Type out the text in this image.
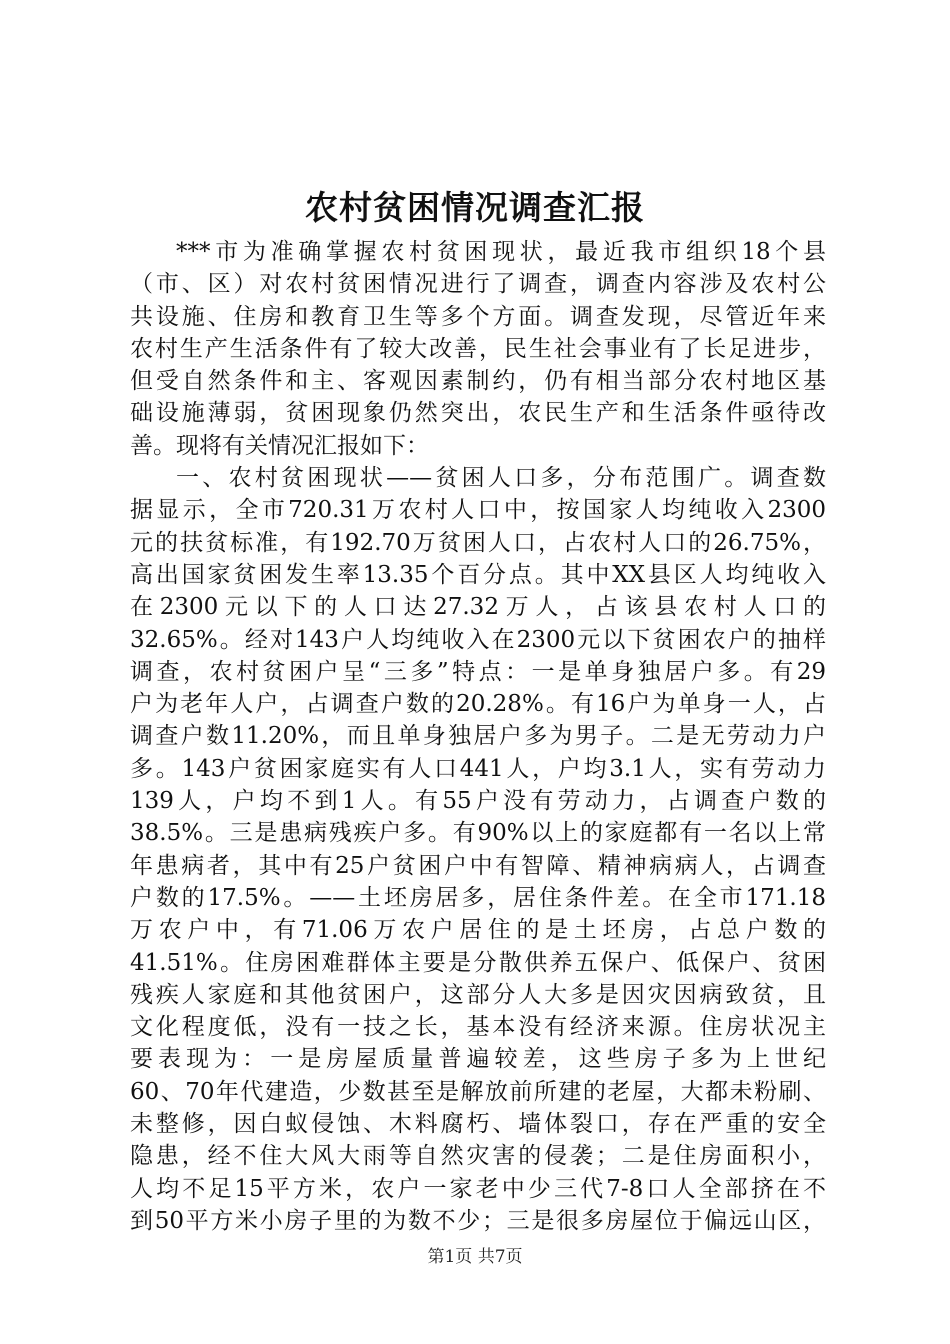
农村贫困情况调查汇报
***市为准确掌握农村贫困现状，最近我市组织18个县
（市、区）对农村贫困情况进行了调查，调查内容涉及农村公
共设施、住房和教育卫生等多个方面。调查发现，尽管近年来
农村生产生活条件有了较大改善，民生社会事业有了长足进步，
但受自然条件和主、客观因素制约，仍有相当部分农村地区基
础设施薄弱，贫困现象仍然突出，农民生产和生活条件亟待改
善。现将有关情况汇报如下：
一、农村贫困现状——贫困人口多，分布范围广。调查数
据显示，全市720.31万农村人口中，按国家人均纯收入2300
元的扶贫标准，有192.70万贫困人口，占农村人口的26.75%，
高出国家贫困发生率13.35个百分点。其中XX县区人均纯收入
在2300元以下的人口达27.32万人，占该县农村人口的
32.65%。经对143户人均纯收入在2300元以下贫困农户的抽样
调查，农村贫困户呈“三多”特点：一是单身独居户多。有29
户为老年人户，占调查户数的20.28%。有16户为单身一人，占
调查户数11.20%，而且单身独居户多为男子。二是无劳动力户
多。143户贫困家庭实有人口441人，户均3.1人，实有劳动力
139人，户均不到1人。有55户没有劳动力，占调查户数的
38.5%。三是患病残疾户多。有90%以上的家庭都有一名以上常
年患病者，其中有25户贫困户中有智障、精神病病人，占调查
户数的17.5%。——土坯房居多，居住条件差。在全市171.18
万农户中，有71.06万农户居住的是土坯房，占总户数的
41.51%。住房困难群体主要是分散供养五保户、低保户、贫困
残疾人家庭和其他贫困户，这部分人大多是因灾因病致贫，且
文化程度低，没有一技之长，基本没有经济来源。住房状况主
要表现为：一是房屋质量普遍较差，这些房子多为上世纪
60、70年代建造，少数甚至是解放前所建的老屋，大都未粉刷、
未整修，因白蚁侵蚀、木料腐朽、墙体裂口，存在严重的安全
隐患，经不住大风大雨等自然灾害的侵袭；二是住房面积小，
人均不足15平方米，农户一家老中少三代7-8口人全部挤在不
到50平方米小房子里的为数不少；三是很多房屋位于偏远山区，
第1页 共7页
